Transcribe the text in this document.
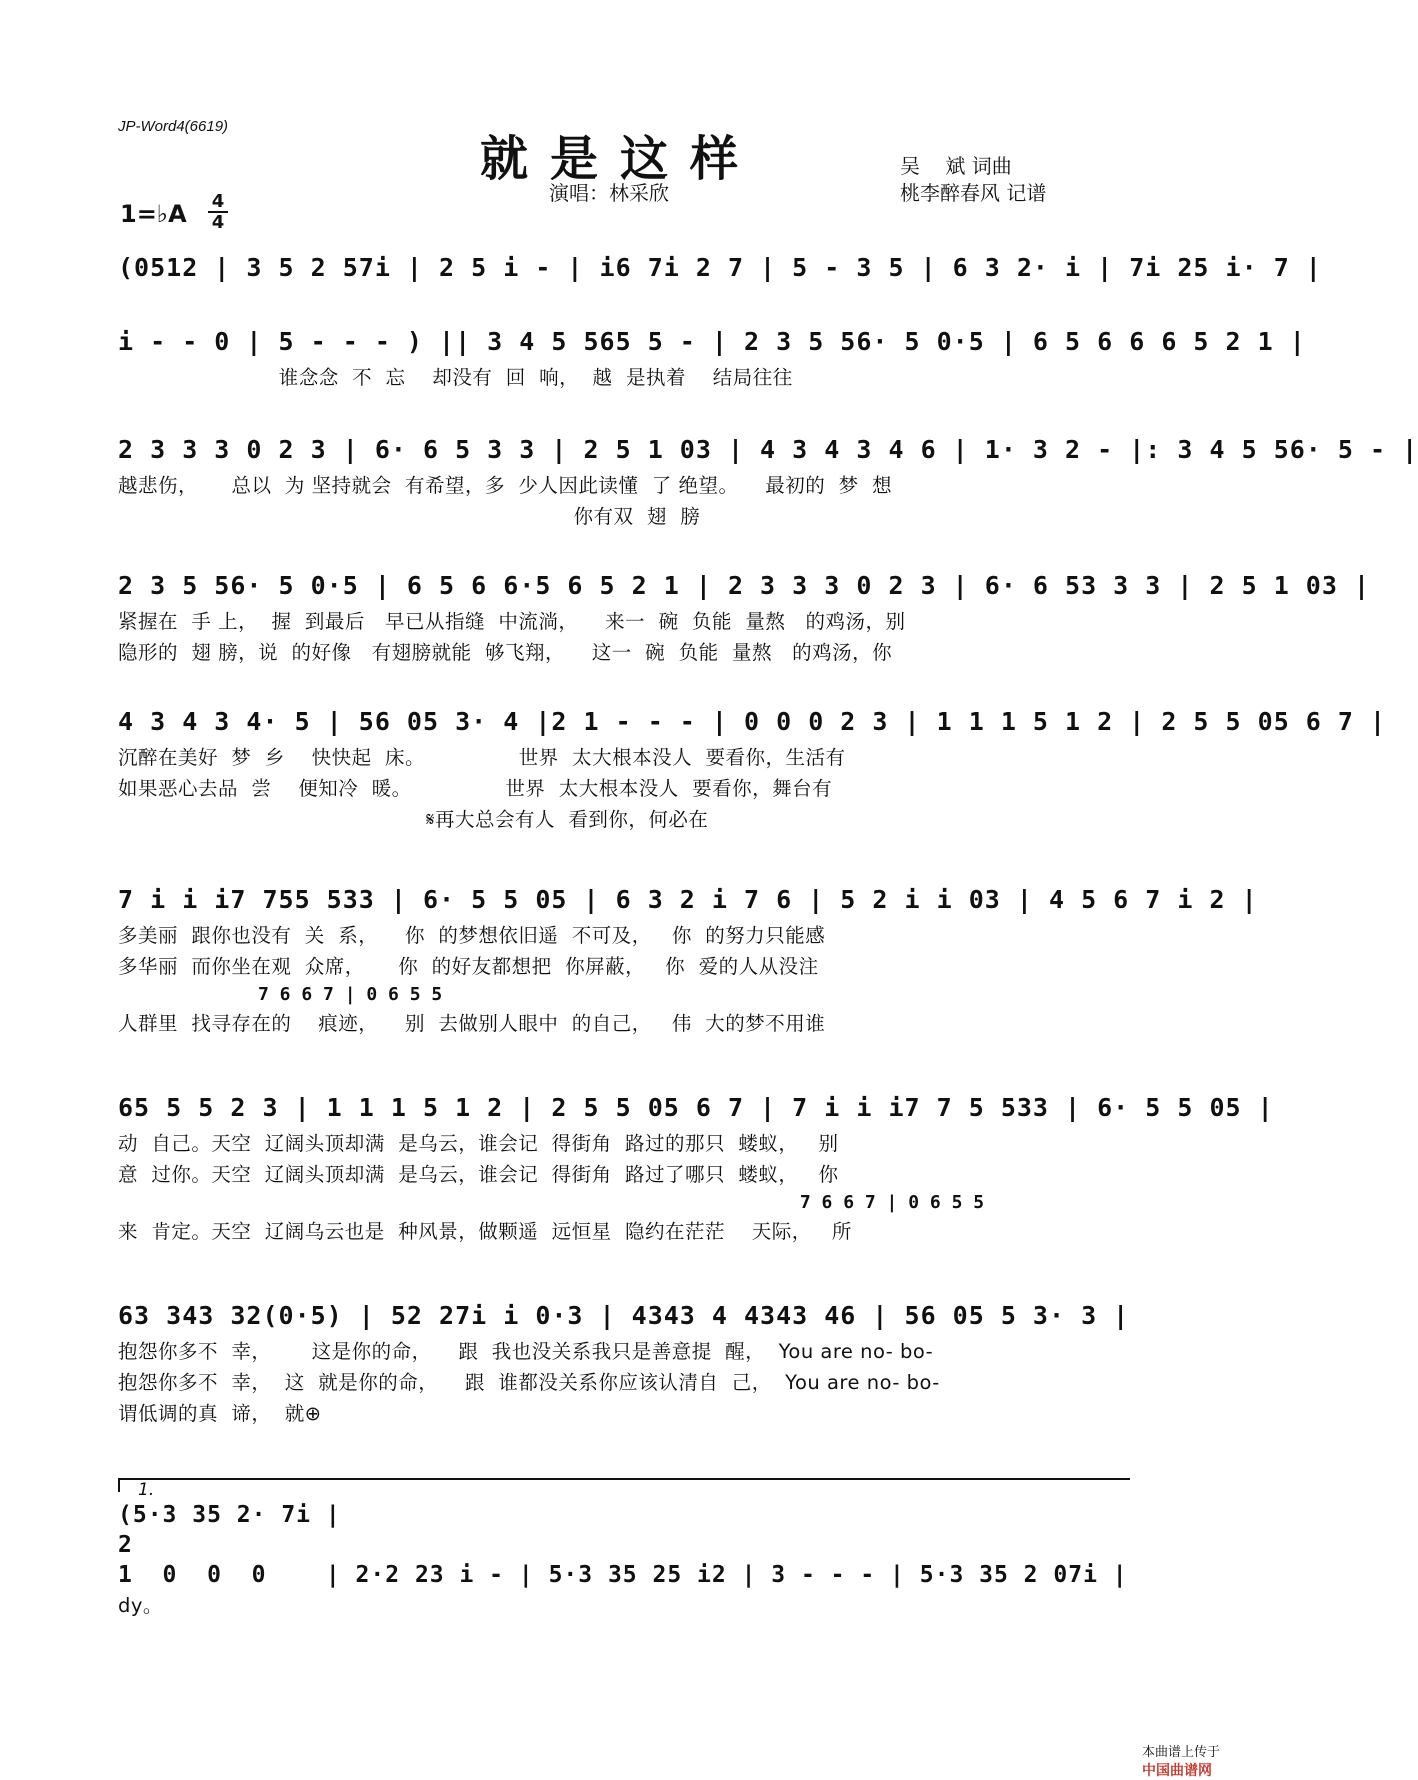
JP-Word4(6619)
就是这样	吴    斌 词曲
桃李醉春风 记谱
演唱：林采欣
1=♭A 4
4
(0512 | 3 5 2 57i | 2 5 i - | i6 7i 2 7 | 5 - 3 5 | 6 3 2· i | 7i 25 i· 7 |
i - - 0 | 5 - - - ) || 3 4 5 565 5 - | 2 3 5 56· 5 0·5 | 6 5 6 6 6 5 2 1 |
谁念念  不  忘    却没有  回  响，  越  是执着    结局往往
2 3 3 3 0 2 3 | 6· 6 5 3 3 | 2 5 1 03 | 4 3 4 3 4 6 | 1· 3 2 - |: 3 4 5 56· 5 - |
越悲伤，     总以  为 坚持就会  有希望，多  少人因此读懂  了 绝望。    最初的  梦  想
你有双  翅  膀
2 3 5 56· 5 0·5 | 6 5 6 6·5 6 5 2 1 | 2 3 3 3 0 2 3 | 6· 6 53 3 3 | 2 5 1 03 |
紧握在  手 上，  握  到最后   早已从指缝  中流淌，    来一  碗  负能  量熬   的鸡汤，别
隐形的  翅 膀，说  的好像   有翅膀就能  够飞翔，    这一  碗  负能  量熬   的鸡汤，你
4 3 4 3 4· 5 | 56 05 3· 4 |2 1 - - - | 0 0 0 2 3 | 1 1 1 5 1 2 | 2 5 5 05 6 7 |
沉醉在美好  梦  乡    快快起  床。              世界  太大根本没人  要看你，生活有
如果恶心去品  尝    便知冷  暖。              世界  太大根本没人  要看你，舞台有
𝄋再大总会有人  看到你，何必在
7 i i i7 755 533 | 6· 5 5 05 | 6 3 2 i 7 6 | 5 2 i i 03 | 4 5 6 7 i 2 |
多美丽  跟你也没有  关  系，    你  的梦想依旧遥  不可及，   你  的努力只能感
多华丽  而你坐在观  众席，     你  的好友都想把  你屏蔽，   你  爱的人从没注
7 6 6 7 | 0 6 5 5
人群里  找寻存在的    痕迹，    别  去做别人眼中  的自己，   伟  大的梦不用谁
65 5 5 2 3 | 1 1 1 5 1 2 | 2 5 5 05 6 7 | 7 i i i7 7 5 533 | 6· 5 5 05 |
动  自己。天空  辽阔头顶却满  是乌云，谁会记  得街角  路过的那只  蝼蚁，   别
意  过你。天空  辽阔头顶却满  是乌云，谁会记  得街角  路过了哪只  蝼蚁，   你
7 6 6 7 | 0 6 5 5
来  肯定。天空  辽阔乌云也是  种风景，做颗遥  远恒星  隐约在茫茫    天际，   所
63 343 32(0·5) | 52 27i i 0·3 | 4343 4 4343 46 | 56 05 5 3· 3 |
抱怨你多不  幸，      这是你的命，    跟  我也没关系我只是善意提  醒，  You are no- bo-
抱怨你多不  幸，  这  就是你的命，    跟  谁都没关系你应该认清自  己，  You are no- bo-
谓低调的真  谛，  就⊕
1.
(5·3 35 2· 7i |
2
1  0  0  0    | 2·2 23 i - | 5·3 35 25 i2 | 3 - - - | 5·3 35 2 07i |
dy。

本曲谱上传于
中国曲谱网
